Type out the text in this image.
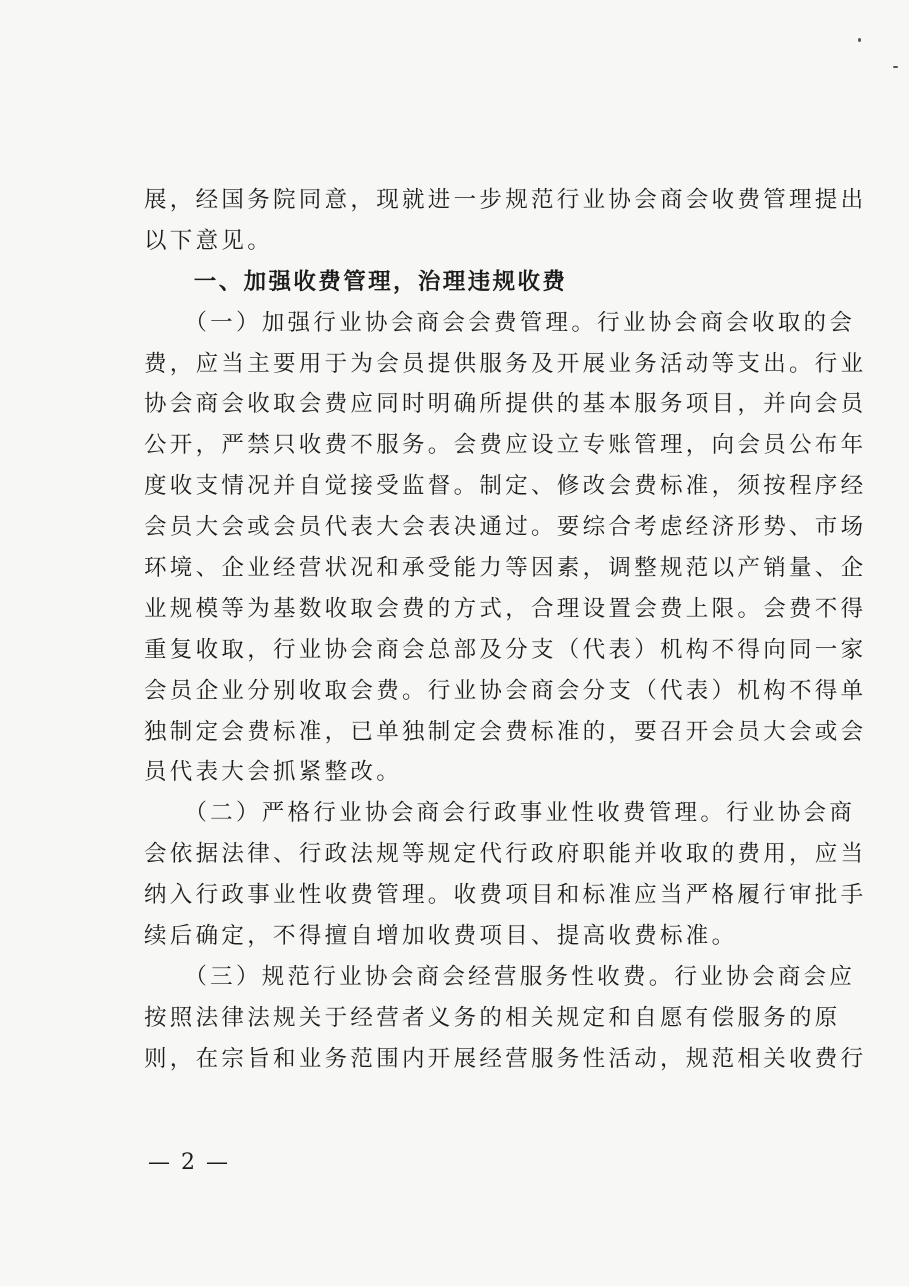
展，经国务院同意，现就进一步规范行业协会商会收费管理提出
以下意见。
　　一、加强收费管理，治理违规收费
　　（一）加强行业协会商会会费管理。行业协会商会收取的会
费，应当主要用于为会员提供服务及开展业务活动等支出。行业
协会商会收取会费应同时明确所提供的基本服务项目，并向会员
公开，严禁只收费不服务。会费应设立专账管理，向会员公布年
度收支情况并自觉接受监督。制定、修改会费标准，须按程序经
会员大会或会员代表大会表决通过。要综合考虑经济形势、市场
环境、企业经营状况和承受能力等因素，调整规范以产销量、企
业规模等为基数收取会费的方式，合理设置会费上限。会费不得
重复收取，行业协会商会总部及分支（代表）机构不得向同一家
会员企业分别收取会费。行业协会商会分支（代表）机构不得单
独制定会费标准，已单独制定会费标准的，要召开会员大会或会
员代表大会抓紧整改。
　　（二）严格行业协会商会行政事业性收费管理。行业协会商
会依据法律、行政法规等规定代行政府职能并收取的费用，应当
纳入行政事业性收费管理。收费项目和标准应当严格履行审批手
续后确定，不得擅自增加收费项目、提高收费标准。
　　（三）规范行业协会商会经营服务性收费。行业协会商会应
按照法律法规关于经营者义务的相关规定和自愿有偿服务的原
则，在宗旨和业务范围内开展经营服务性活动，规范相关收费行
— 2 —
